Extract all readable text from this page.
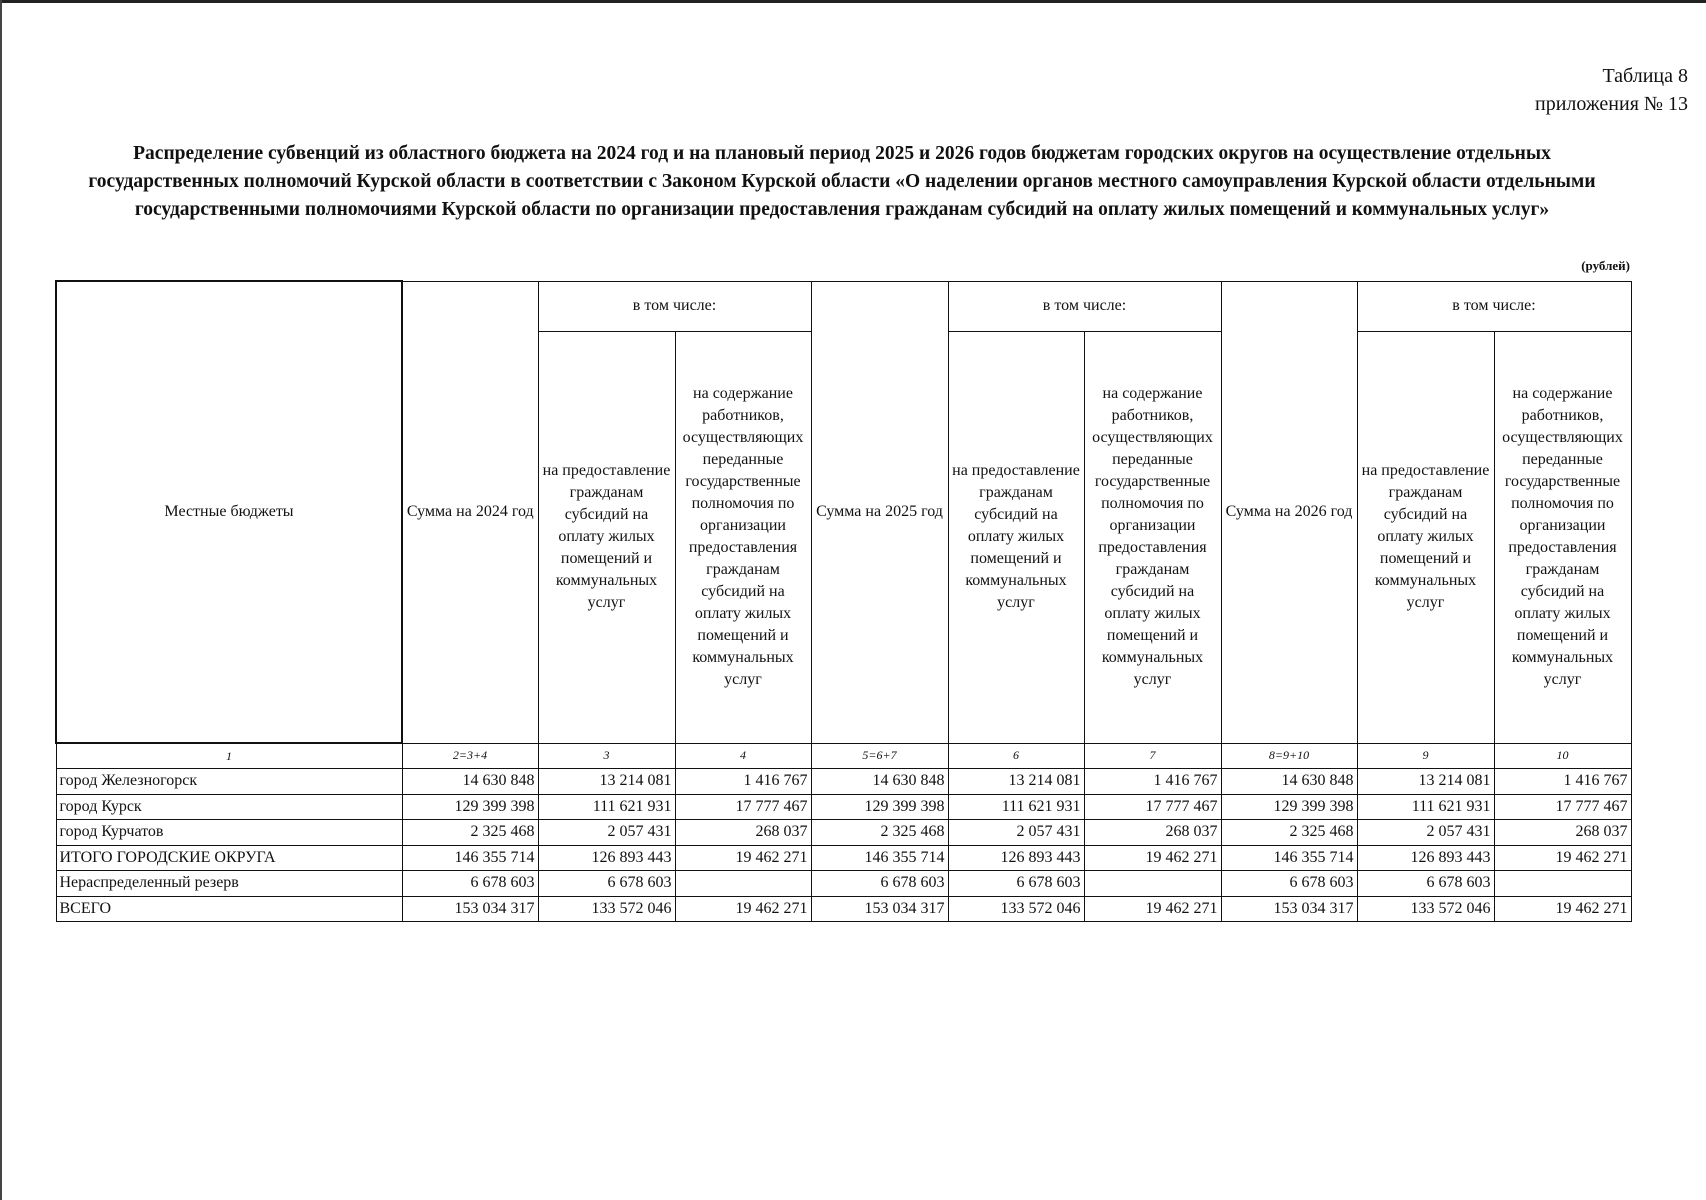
Таблица 8
приложения № 13
Распределение субвенций из областного бюджета на 2024 год и на плановый период 2025 и 2026 годов бюджетам городских округов на осуществление отдельных государственных полномочий Курской области в соответствии с Законом Курской области «О наделении органов местного самоуправления Курской области отдельными государственными полномочиями Курской области по организации предоставления гражданам субсидий на оплату жилых помещений и коммунальных услуг»
(рублей)
Местные бюджеты	Сумма на 2024 год	в том числе:		Сумма на 2025 год	в том числе:		Сумма на 2026 год	в том числе:	
		на предоставление гражданам субсидий на оплату жилых помещений и коммунальных услуг	на содержание работников, осуществляющих переданные государственные полномочия по организации предоставления гражданам субсидий на оплату жилых помещений и коммунальных услуг		на предоставление гражданам субсидий на оплату жилых помещений и коммунальных услуг	на содержание работников, осуществляющих переданные государственные полномочия по организации предоставления гражданам субсидий на оплату жилых помещений и коммунальных услуг		на предоставление гражданам субсидий на оплату жилых помещений и коммунальных услуг	на содержание работников, осуществляющих переданные государственные полномочия по организации предоставления гражданам субсидий на оплату жилых помещений и коммунальных услуг
1	2=3+4	3	4	5=6+7	6	7	8=9+10	9	10
город Железногорск	14 630 848	13 214 081	1 416 767	14 630 848	13 214 081	1 416 767	14 630 848	13 214 081	1 416 767
город Курск	129 399 398	111 621 931	17 777 467	129 399 398	111 621 931	17 777 467	129 399 398	111 621 931	17 777 467
город Курчатов	2 325 468	2 057 431	268 037	2 325 468	2 057 431	268 037	2 325 468	2 057 431	268 037
ИТОГО ГОРОДСКИЕ ОКРУГА	146 355 714	126 893 443	19 462 271	146 355 714	126 893 443	19 462 271	146 355 714	126 893 443	19 462 271
Нераспределенный резерв	6 678 603	6 678 603		6 678 603	6 678 603		6 678 603	6 678 603	
ВСЕГО	153 034 317	133 572 046	19 462 271	153 034 317	133 572 046	19 462 271	153 034 317	133 572 046	19 462 271
